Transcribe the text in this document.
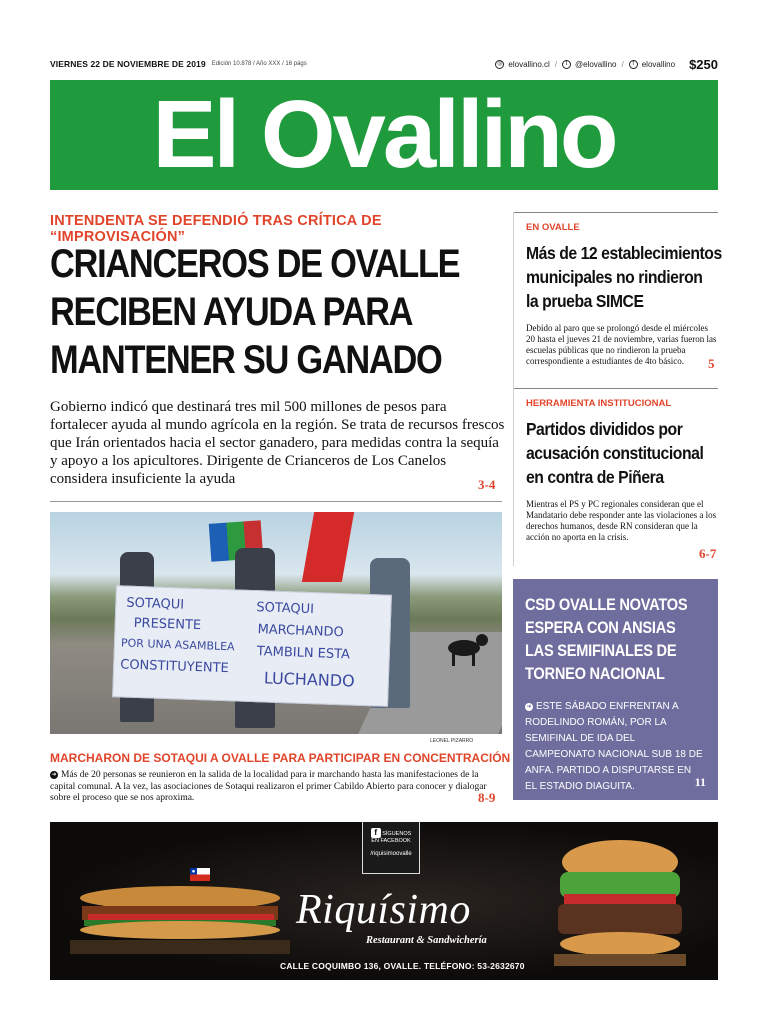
VIERNES 22 DE NOVIEMBRE DE 2019 Edición 10.878 / Año XXX / 16 págs	◎ elovallino.cl /	t @elovallino /	f elovallino $250
El Ovallino
INTENDENTA SE DEFENDIÓ TRAS CRÍTICA DE “IMPROVISACIÓN”
CRIANCEROS DE OVALLE
RECIBEN AYUDA PARA
MANTENER SU GANADO
Gobierno indicó que destinará tres mil 500 millones de pesos para fortalecer ayuda al mundo agrícola en la región. Se trata de recursos frescos que Irán orientados hacia el sector ganadero, para medidas contra la sequía y apoyo a los apicultores. Dirigente de Crianceros de Los Canelos considera insuficiente la ayuda	3-4
SOTAQUI
PRESENTE
POR UNA ASAMBLEA
CONSTITUYENTE
SOTAQUI
MARCHANDO
TAMBILN ESTA
LUCHANDO
LEONEL PIZARRO
MARCHARON DE SOTAQUI A OVALLE PARA PARTICIPAR EN CONCENTRACIÓN
➜ Más de 20 personas se reunieron en la salida de la localidad para ir marchando hasta las manifestaciones de la capital comunal. A la vez, las asociaciones de Sotaqui realizaron el primer Cabildo Abierto para conocer y dialogar sobre el proceso que se nos aproxima.	8-9
EN OVALLE
Más de 12 establecimientos
municipales no rindieron
la prueba SIMCE
Debido al paro que se prolongó desde el miércoles 20 hasta el jueves 21 de noviembre, varias fueron las escuelas públicas que no rindieron la prueba correspondiente a estudiantes de 4to básico.	5
HERRAMIENTA INSTITUCIONAL
Partidos divididos por
acusación constitucional
en contra de Piñera
Mientras el PS y PC regionales consideran que el Mandatario debe responder ante las violaciones a los derechos humanos, desde RN consideran que la acción no aporta en la crisis.
6-7
CSD OVALLE NOVATOS
ESPERA CON ANSIAS
LAS SEMIFINALES DE
TORNEO NACIONAL
➜ ESTE SÁBADO ENFRENTAN A RODELINDO ROMÁN, POR LA SEMIFINAL DE IDA DEL CAMPEONATO NACIONAL SUB 18 DE ANFA. PARTIDO A DISPUTARSE EN EL ESTADIO DIAGUITA.	11
f SÍGUENOS
EN FACEBOOK
/riquisimoovalle
Riquísimo
Restaurant & Sandwichería
CALLE COQUIMBO 136, OVALLE. TELÉFONO: 53-2632670
